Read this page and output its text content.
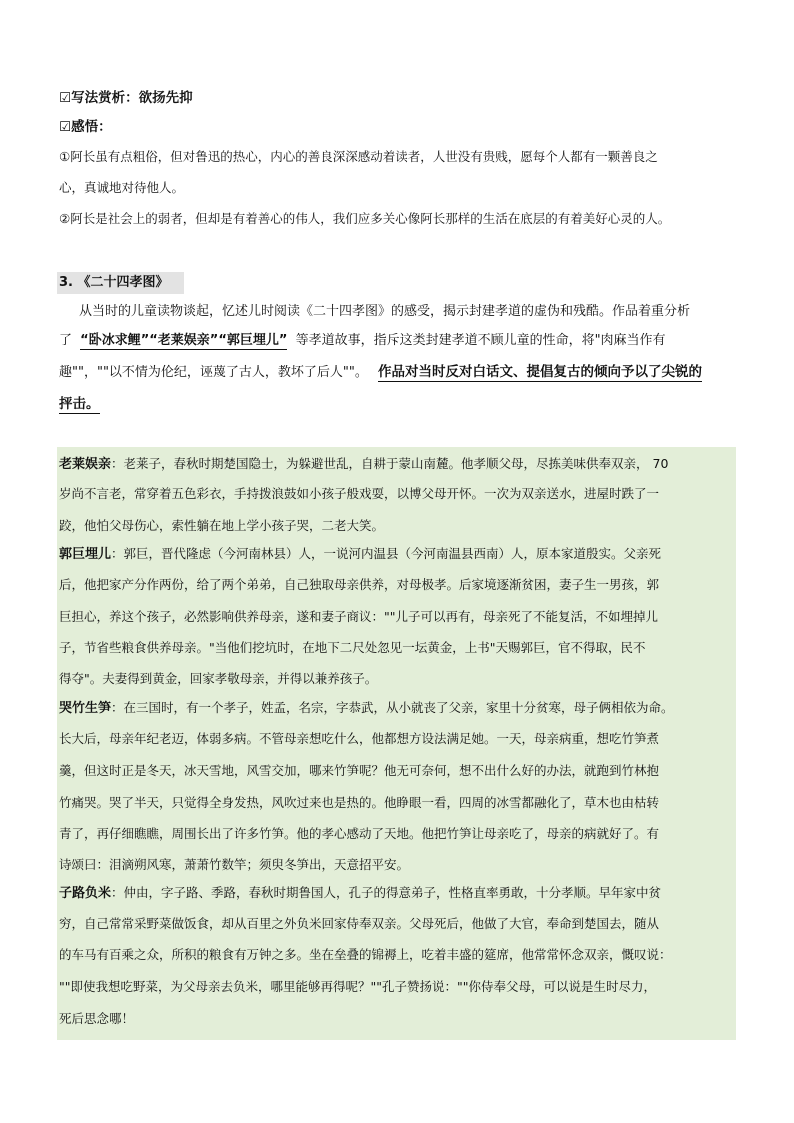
☑写法赏析：欲扬先抑
☑感悟：
①阿长虽有点粗俗，但对鲁迅的热心，内心的善良深深感动着读者，人世没有贵贱，愿每个人都有一颗善良之
心，真诚地对待他人。
②阿长是社会上的弱者，但却是有着善心的伟人，我们应多关心像阿长那样的生活在底层的有着美好心灵的人。
3. 《二十四孝图》
从当时的儿童读物谈起，忆述儿时阅读《二十四孝图》的感受，揭示封建孝道的虚伪和残酷。作品着重分析
了 “卧冰求鲤”“老莱娱亲”“郭巨埋儿” 等孝道故事，指斥这类封建孝道不顾儿童的性命，将"肉麻当作有
趣""，""以不情为伦纪，诬蔑了古人，教坏了后人""。 作品对当时反对白话文、提倡复古的倾向予以了尖锐的
抨击。
老莱娱亲：老莱子，春秋时期楚国隐士，为躲避世乱，自耕于蒙山南麓。他孝顺父母，尽拣美味供奉双亲， 70
岁尚不言老，常穿着五色彩衣，手持拨浪鼓如小孩子般戏耍，以博父母开怀。一次为双亲送水，进屋时跌了一
跤，他怕父母伤心，索性躺在地上学小孩子哭，二老大笑。
郭巨埋儿：郭巨，晋代隆虑（今河南林县）人，一说河内温县（今河南温县西南）人，原本家道殷实。父亲死
后，他把家产分作两份，给了两个弟弟，自己独取母亲供养，对母极孝。后家境逐渐贫困，妻子生一男孩，郭
巨担心，养这个孩子，必然影响供养母亲，遂和妻子商议：""儿子可以再有，母亲死了不能复活，不如埋掉儿
子，节省些粮食供养母亲。"当他们挖坑时，在地下二尺处忽见一坛黄金，上书"天赐郭巨，官不得取，民不
得夺"。夫妻得到黄金，回家孝敬母亲，并得以兼养孩子。
哭竹生笋：在三国时，有一个孝子，姓孟，名宗，字恭武，从小就丧了父亲，家里十分贫寒，母子俩相依为命。
长大后，母亲年纪老迈，体弱多病。不管母亲想吃什么，他都想方设法满足她。一天，母亲病重，想吃竹笋煮
羹，但这时正是冬天，冰天雪地，风雪交加，哪来竹笋呢？他无可奈何，想不出什么好的办法，就跑到竹林抱
竹痛哭。哭了半天，只觉得全身发热，风吹过来也是热的。他睁眼一看，四周的冰雪都融化了，草木也由枯转
青了，再仔细瞧瞧，周围长出了许多竹笋。他的孝心感动了天地。他把竹笋让母亲吃了，母亲的病就好了。有
诗颂曰：泪滴朔风寒，萧萧竹数竿；须臾冬笋出，天意招平安。
子路负米：仲由，字子路、季路，春秋时期鲁国人，孔子的得意弟子，性格直率勇敢，十分孝顺。早年家中贫
穷，自己常常采野菜做饭食，却从百里之外负米回家侍奉双亲。父母死后，他做了大官，奉命到楚国去，随从
的车马有百乘之众，所积的粮食有万钟之多。坐在垒叠的锦褥上，吃着丰盛的筵席，他常常怀念双亲，慨叹说：
""即使我想吃野菜，为父母亲去负米，哪里能够再得呢？""孔子赞扬说：""你侍奉父母，可以说是生时尽力，
死后思念哪！
